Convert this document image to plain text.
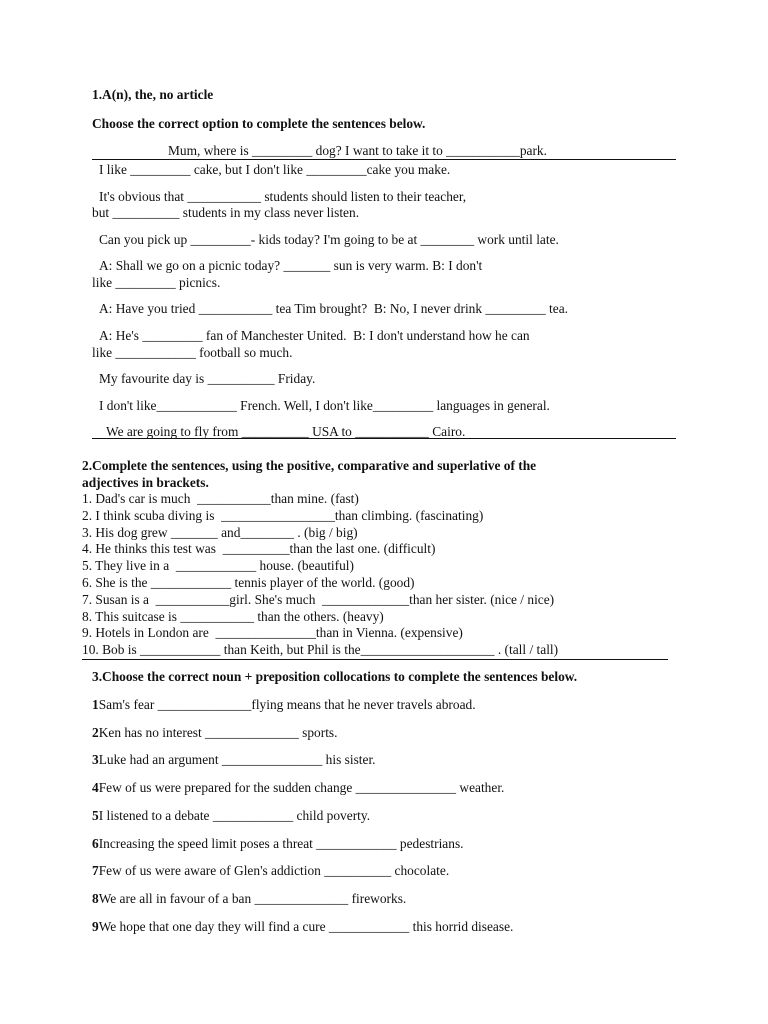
1.A(n), the, no article
Choose the correct option to complete the sentences below.
Mum, where is _________ dog? I want to take it to ___________park.
I like _________ cake, but I don't like _________cake you make.
It's obvious that ___________ students should listen to their teacher,
but __________ students in my class never listen.
Can you pick up _________- kids today? I'm going to be at ________ work until late.
A: Shall we go on a picnic today? _______ sun is very warm. B: I don't
like _________ picnics.
A: Have you tried ___________ tea Tim brought?  B: No, I never drink _________ tea.
A: He's _________ fan of Manchester United.  B: I don't understand how he can
like ____________ football so much.
My favourite day is __________ Friday.
I don't like____________ French. Well, I don't like_________ languages in general.
We are going to fly from __________ USA to ___________ Cairo.
2.Complete the sentences, using the positive, comparative and superlative of the
adjectives in brackets.
1. Dad's car is much  ___________than mine. (fast)
2. I think scuba diving is  _________________than climbing. (fascinating)
3. His dog grew _______ and________ . (big / big)
4. He thinks this test was  __________than the last one. (difficult)
5. They live in a  ____________ house. (beautiful)
6. She is the ____________ tennis player of the world. (good)
7. Susan is a  ___________girl. She's much  _____________than her sister. (nice / nice)
8. This suitcase is ___________ than the others. (heavy)
9. Hotels in London are  _______________than in Vienna. (expensive)
10. Bob is ____________ than Keith, but Phil is the____________________ . (tall / tall)
3.Choose the correct noun + preposition collocations to complete the sentences below.
1Sam's fear ______________flying means that he never travels abroad.
2Ken has no interest ______________ sports.
3Luke had an argument _______________ his sister.
4Few of us were prepared for the sudden change _______________ weather.
5I listened to a debate ____________ child poverty.
6Increasing the speed limit poses a threat ____________ pedestrians.
7Few of us were aware of Glen's addiction __________ chocolate.
8We are all in favour of a ban ______________ fireworks.
9We hope that one day they will find a cure ____________ this horrid disease.
